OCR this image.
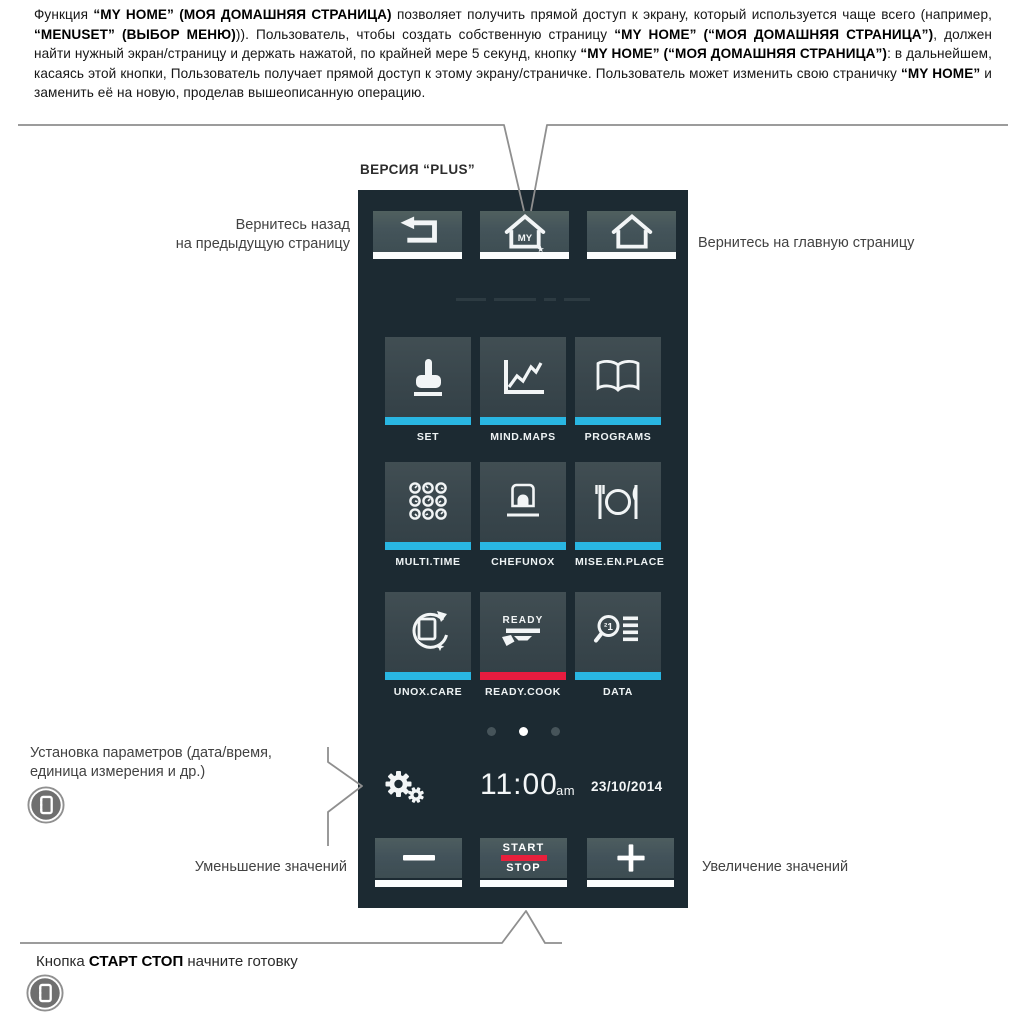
Функция “MY HOME” (МОЯ ДОМАШНЯЯ СТРАНИЦА) позволяет получить прямой доступ к экрану, который используется чаще всего (например, “MENUSET” (ВЫБОР МЕНЮ))). Пользователь, чтобы создать собственную страницу “MY HOME” (“МОЯ ДОМАШНЯЯ СТРАНИЦА”), должен найти нужный экран/страницу и держать нажатой, по крайней мере 5 секунд, кнопку “MY HOME” (“МОЯ ДОМАШНЯЯ СТРАНИЦА”): в дальнейшем, касаясь этой кнопки, Пользователь получает прямой доступ к этому экрану/страничке. Пользователь может изменить свою страничку “MY HOME” и заменить её на новую, проделав вышеописанную операцию.
ВЕРСИЯ “PLUS”
MY
★
SET	MIND.MAPS	PROGRAMS
MULTI.TIME	CHEFUNOX	MISE.EN.PLACE
UNOX.CARE
READY
READY.COOK
²1
DATA
11:00
am 23/10/2014
START
STOP
Вернитесь назад
на предыдущую страницу	Вернитесь на главную страницу
Установка параметров (дата/время,
единица измерения и др.)
Уменьшение значений	Увеличение значений
Кнопка СТАРТ СТОП начните готовку
